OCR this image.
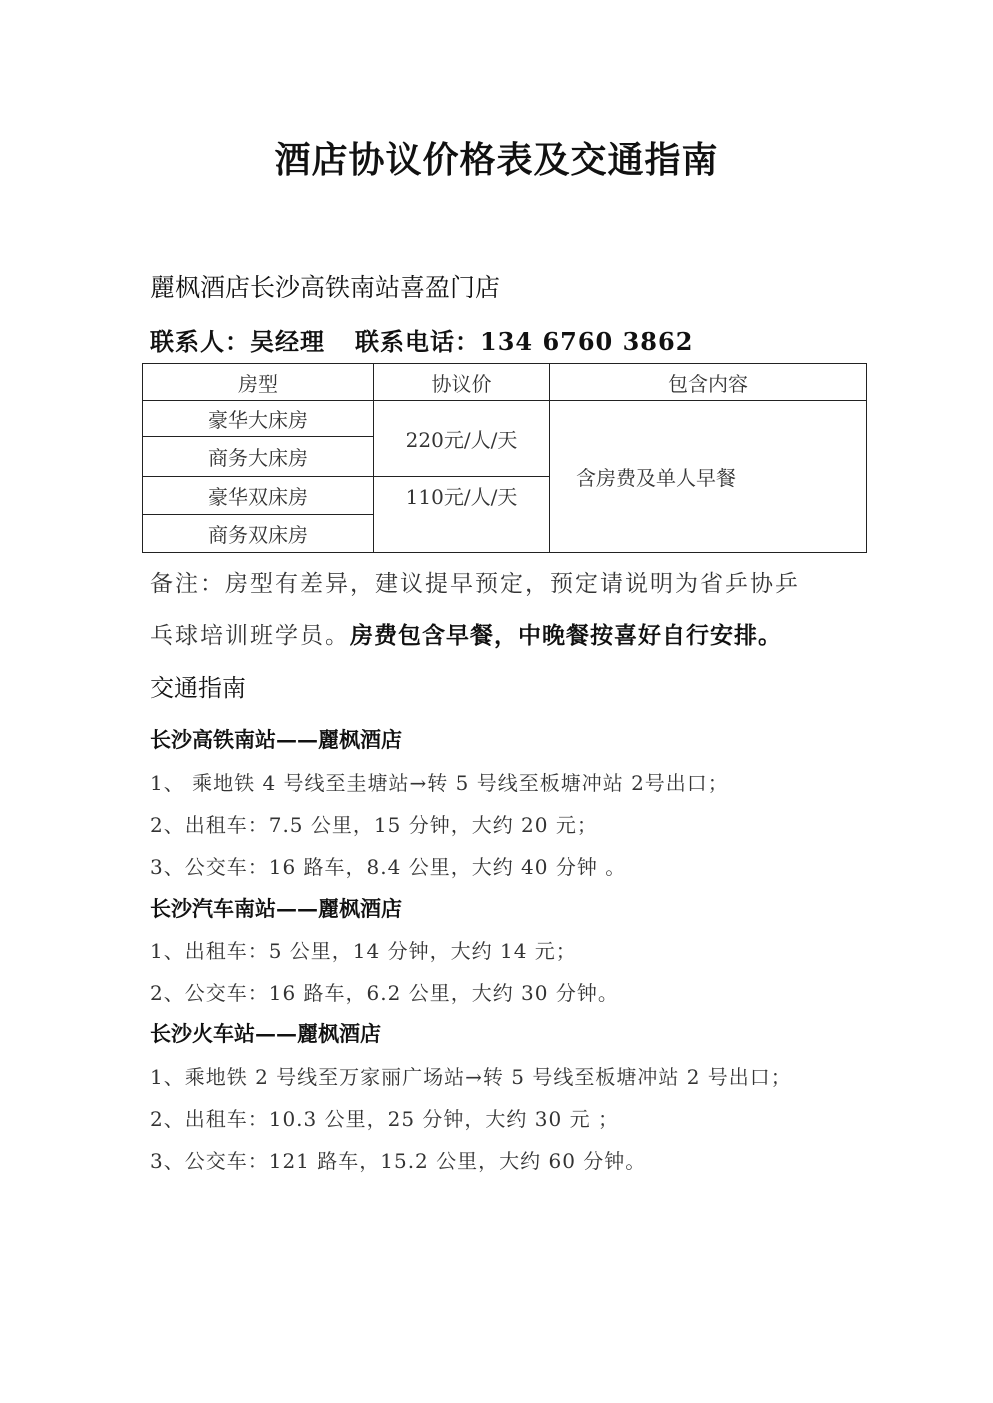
酒店协议价格表及交通指南
麗枫酒店长沙高铁南站喜盈门店
联系人：吴经理 联系电话：134 6760 3862
房型	协议价	包含内容
豪华大床房	220元/人/天	含房费及单人早餐
商务大床房		
豪华双床房	110元/人/天	
商务双床房		
备注：房型有差异，建议提早预定，预定请说明为省乒协乒
乓球培训班学员。房费包含早餐，中晚餐按喜好自行安排。
交通指南
长沙高铁南站——麗枫酒店
1、 乘地铁 4 号线至圭塘站→转 5 号线至板塘冲站 2号出口；
2、出租车：7.5 公里，15 分钟，大约 20 元；
3、公交车：16 路车，8.4 公里，大约 40 分钟 。
长沙汽车南站——麗枫酒店
1、出租车：5 公里，14 分钟，大约 14 元；
2、公交车：16 路车，6.2 公里，大约 30 分钟。
长沙火车站——麗枫酒店
1、乘地铁 2 号线至万家丽广场站→转 5 号线至板塘冲站 2 号出口；
2、出租车：10.3 公里，25 分钟，大约 30 元 ；
3、公交车：121 路车，15.2 公里，大约 60 分钟。
